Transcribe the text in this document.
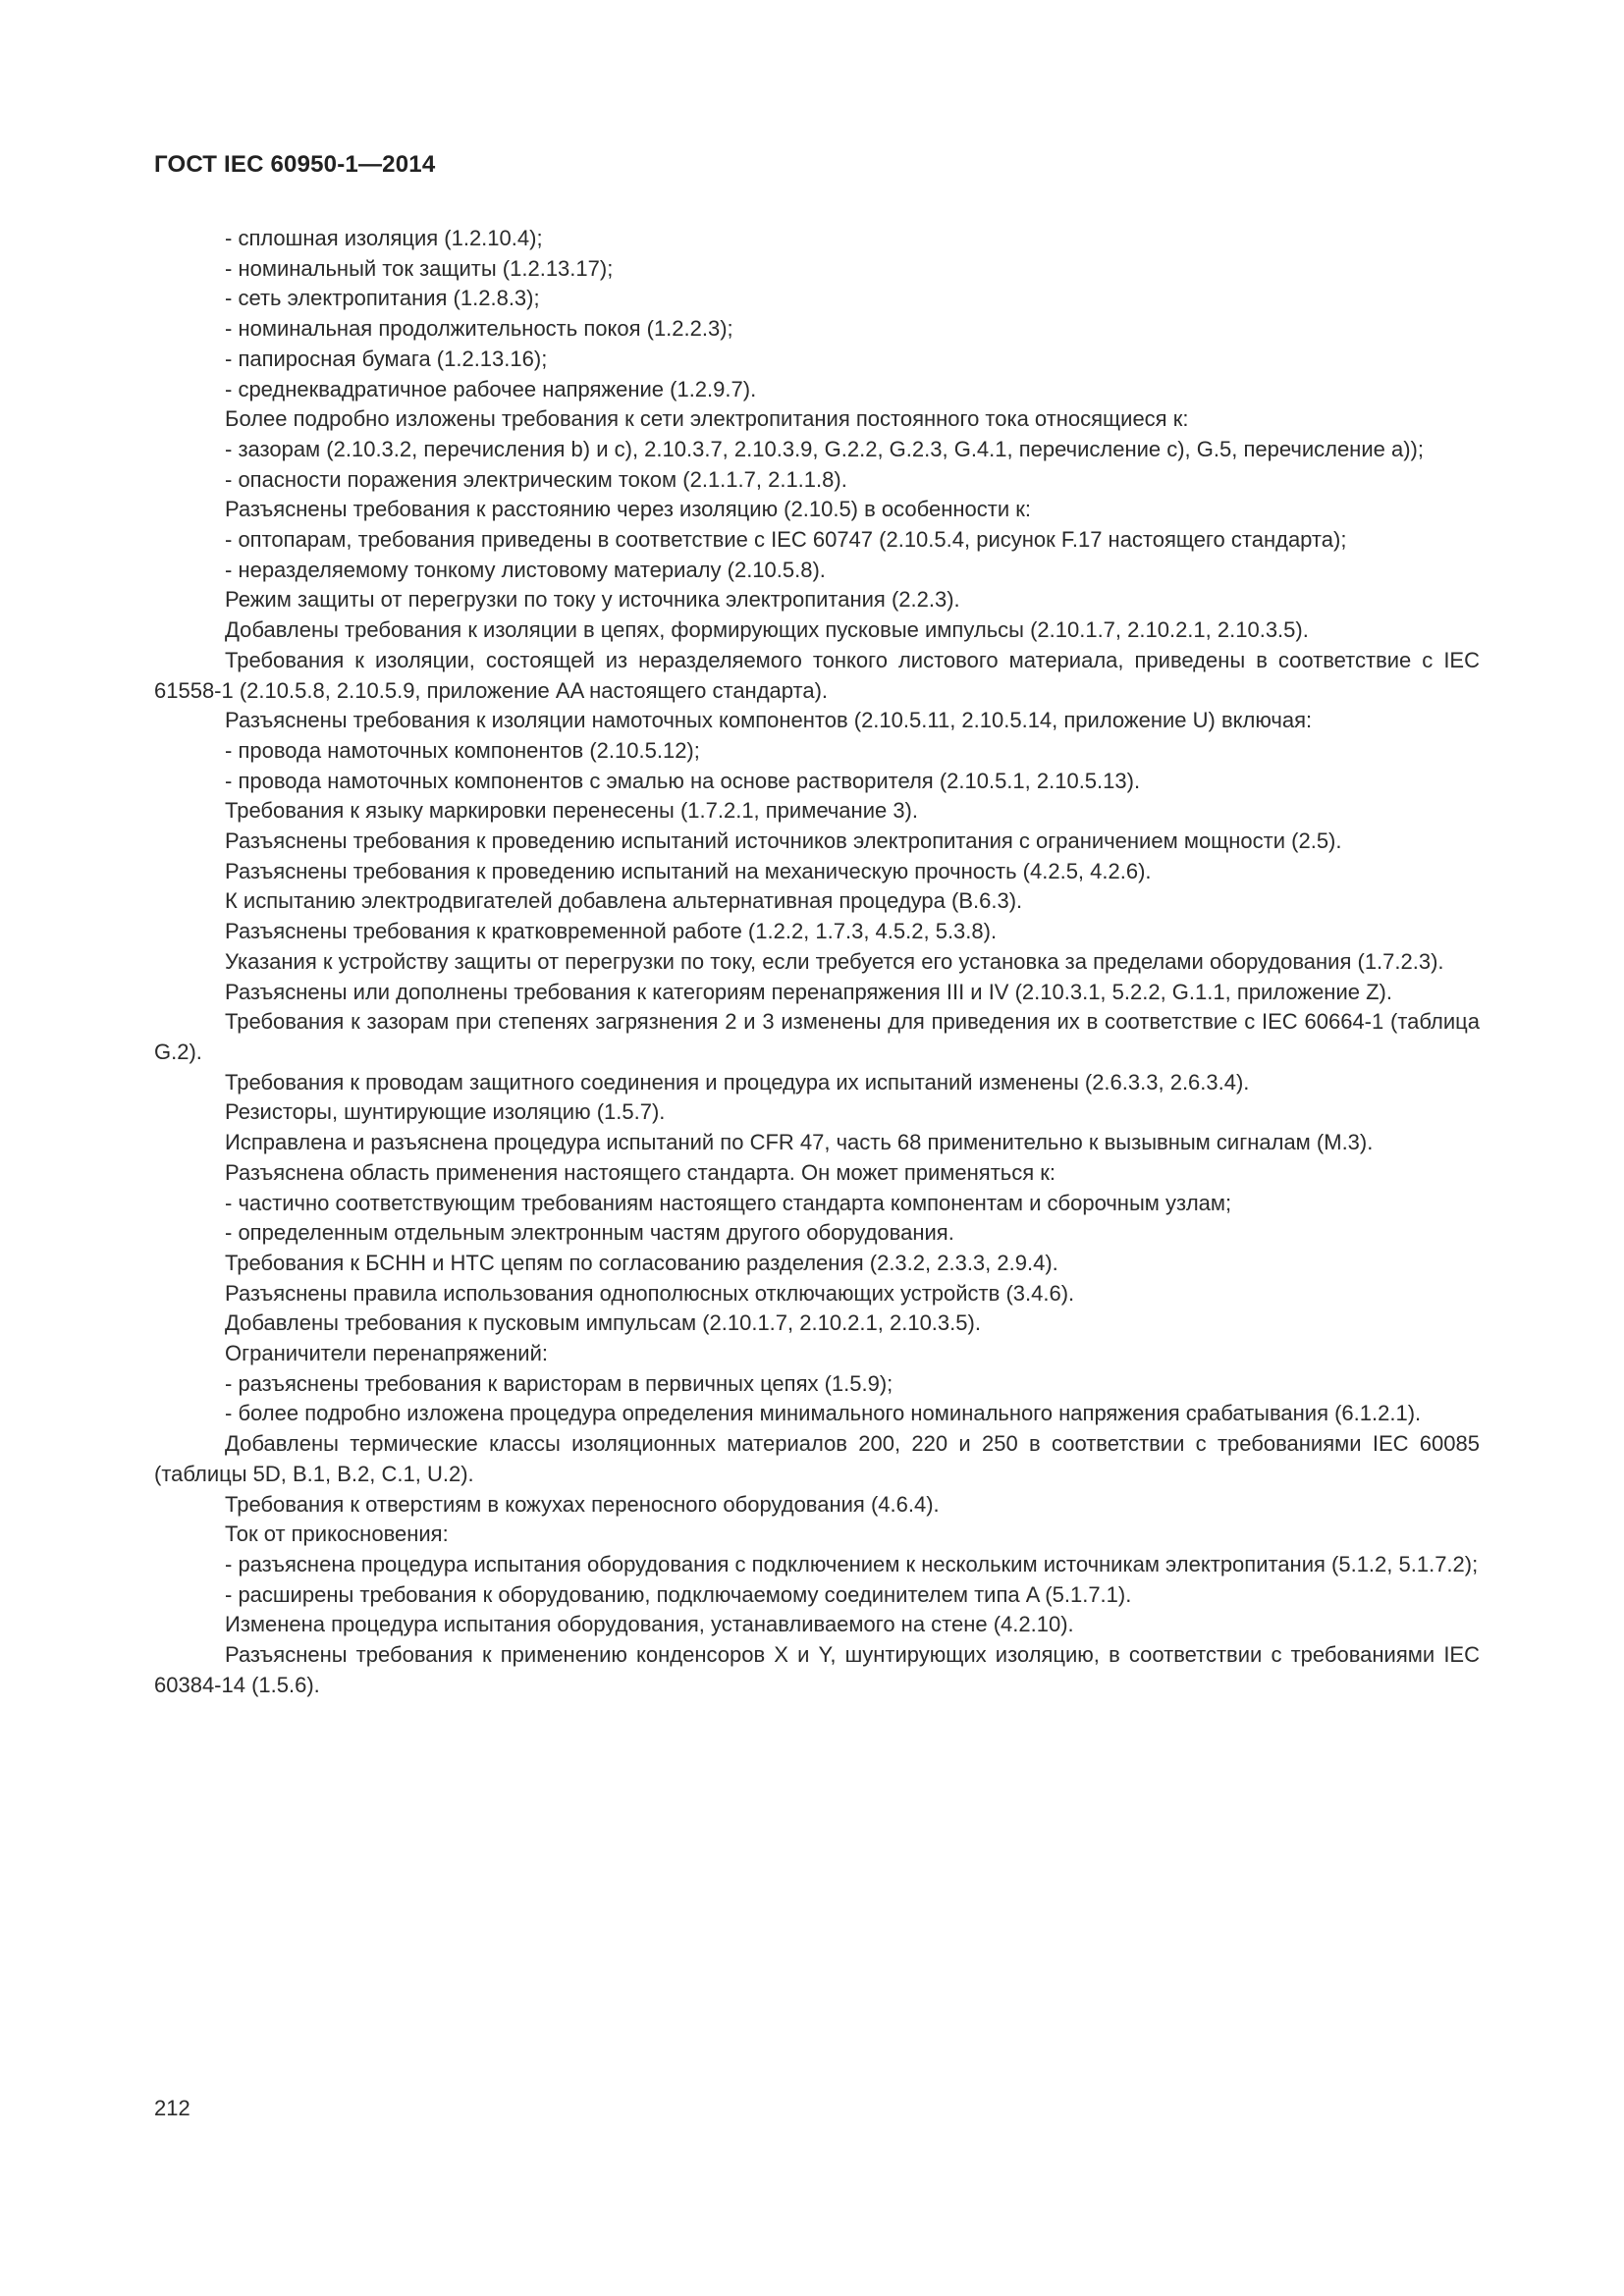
ГОСТ IEC 60950-1—2014

- сплошная изоляция (1.2.10.4);

- номинальный ток защиты (1.2.13.17);

- сеть электропитания (1.2.8.3);

- номинальная продолжительность покоя (1.2.2.3);

- папиросная бумага (1.2.13.16);

- среднеквадратичное рабочее напряжение (1.2.9.7).

Более подробно изложены требования к сети электропитания постоянного тока относящиеся к:

- зазорам (2.10.3.2, перечисления b) и c), 2.10.3.7, 2.10.3.9, G.2.2, G.2.3, G.4.1, перечисление c), G.5, перечисление a));

- опасности поражения электрическим током (2.1.1.7, 2.1.1.8).

Разъяснены требования к расстоянию через изоляцию (2.10.5) в особенности к:

- оптопарам, требования приведены в соответствие с IEC 60747 (2.10.5.4, рисунок F.17 настоящего стандарта);

- неразделяемому тонкому листовому материалу (2.10.5.8).

Режим защиты от перегрузки по току у источника электропитания (2.2.3).

Добавлены требования к изоляции в цепях, формирующих пусковые импульсы (2.10.1.7, 2.10.2.1, 2.10.3.5).

Требования к изоляции, состоящей из неразделяемого тонкого листового материала, приведены в соответствие с IEC 61558-1 (2.10.5.8, 2.10.5.9, приложение AA настоящего стандарта).

Разъяснены требования к изоляции намоточных компонентов (2.10.5.11, 2.10.5.14, приложение U) включая:

- провода намоточных компонентов (2.10.5.12);

- провода намоточных компонентов с эмалью на основе растворителя (2.10.5.1, 2.10.5.13).

Требования к языку маркировки перенесены (1.7.2.1, примечание 3).

Разъяснены требования к проведению испытаний источников электропитания с ограничением мощности (2.5).

Разъяснены требования к проведению испытаний на механическую прочность (4.2.5, 4.2.6).

К испытанию электродвигателей добавлена альтернативная процедура (B.6.3).

Разъяснены требования к кратковременной работе (1.2.2, 1.7.3, 4.5.2, 5.3.8).

Указания к устройству защиты от перегрузки по току, если требуется его установка за пределами оборудования (1.7.2.3).

Разъяснены или дополнены требования к категориям перенапряжения III и IV (2.10.3.1, 5.2.2, G.1.1, приложение Z).

Требования к зазорам при степенях загрязнения 2 и 3 изменены для приведения их в соответствие с IEC 60664-1 (таблица G.2).

Требования к проводам защитного соединения и процедура их испытаний изменены (2.6.3.3, 2.6.3.4).

Резисторы, шунтирующие изоляцию (1.5.7).

Исправлена и разъяснена процедура испытаний по CFR 47, часть 68 применительно к вызывным сигналам (M.3).

Разъяснена область применения настоящего стандарта. Он может применяться к:

- частично соответствующим требованиям настоящего стандарта компонентам и сборочным узлам;

- определенным отдельным электронным частям другого оборудования.

Требования к БСНН и НТС цепям по согласованию разделения (2.3.2, 2.3.3, 2.9.4).

Разъяснены правила использования однополюсных отключающих устройств (3.4.6).

Добавлены требования к пусковым импульсам (2.10.1.7, 2.10.2.1, 2.10.3.5).

Ограничители перенапряжений:

- разъяснены требования к варисторам в первичных цепях (1.5.9);

- более подробно изложена процедура определения минимального номинального напряжения срабатывания (6.1.2.1).

Добавлены термические классы изоляционных материалов 200, 220 и 250 в соответствии с требованиями IEC 60085 (таблицы 5D, B.1, B.2, C.1, U.2).

Требования к отверстиям в кожухах переносного оборудования (4.6.4).

Ток от прикосновения:

- разъяснена процедура испытания оборудования с подключением к нескольким источникам электропитания (5.1.2, 5.1.7.2);

- расширены требования к оборудованию, подключаемому соединителем типа A (5.1.7.1).

Изменена процедура испытания оборудования, устанавливаемого на стене (4.2.10).

Разъяснены требования к применению конденсоров X и Y, шунтирующих изоляцию, в соответствии с требованиями IEC 60384-14 (1.5.6).

212
